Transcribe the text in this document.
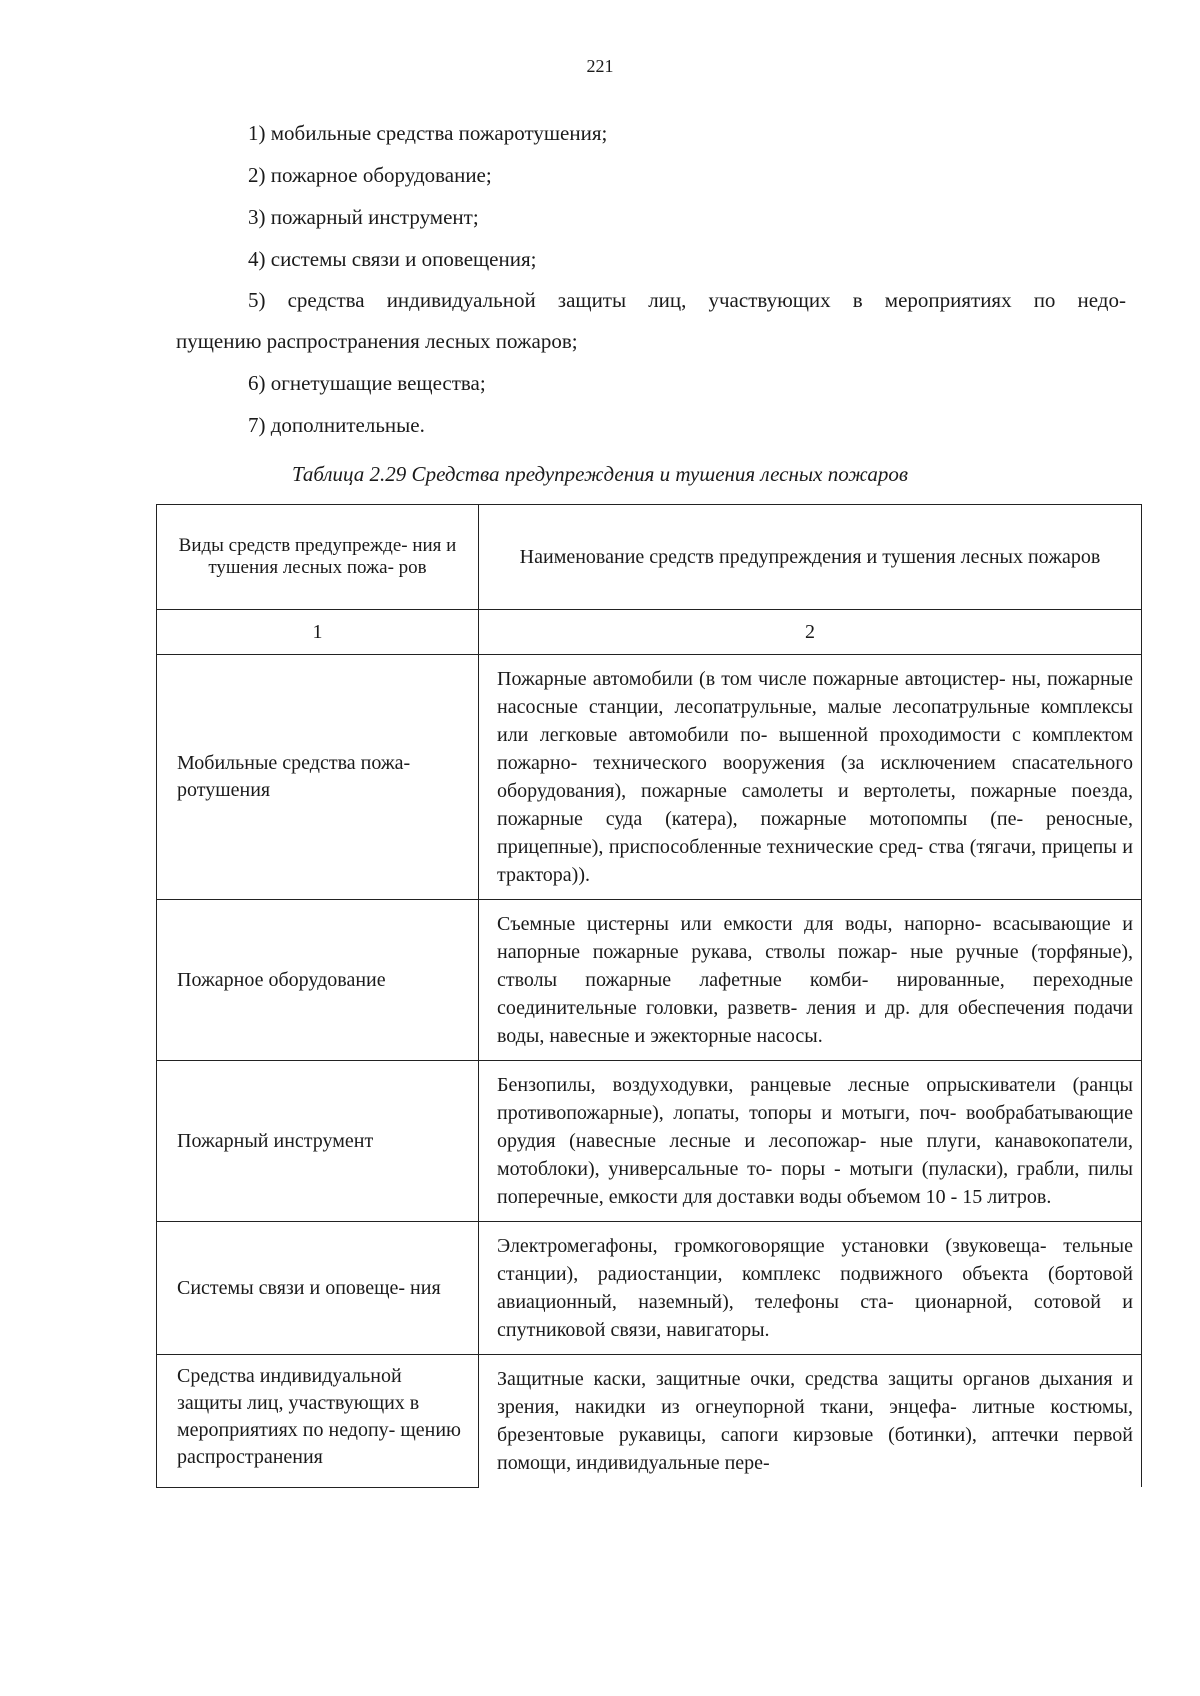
221
1) мобильные средства пожаротушения;
2) пожарное оборудование;
3) пожарный инструмент;
4) системы связи и оповещения;
5) средства индивидуальной защиты лиц, участвующих в мероприятиях по недо-
пущению распространения лесных пожаров;
6) огнетушащие вещества;
7) дополнительные.
Таблица 2.29 Средства предупреждения и тушения лесных пожаров
Виды средств предупрежде- ния и тушения лесных пожа- ров	Наименование средств предупреждения и тушения лесных пожаров
1	2
Мобильные средства пожа- ротушения	Пожарные автомобили (в том числе пожарные автоцистер- ны, пожарные насосные станции, лесопатрульные, малые лесопатрульные комплексы или легковые автомобили по- вышенной проходимости с комплектом пожарно- технического вооружения (за исключением спасательного оборудования), пожарные самолеты и вертолеты, пожарные поезда, пожарные суда (катера), пожарные мотопомпы (пе- реносные, прицепные), приспособленные технические сред- ства (тягачи, прицепы и трактора)).
Пожарное оборудование	Съемные цистерны или емкости для воды, напорно- всасывающие и напорные пожарные рукава, стволы пожар- ные ручные (торфяные), стволы пожарные лафетные комби- нированные, переходные соединительные головки, разветв- ления и др. для обеспечения подачи воды, навесные и эжекторные насосы.
Пожарный инструмент	Бензопилы, воздуходувки, ранцевые лесные опрыскиватели (ранцы противопожарные), лопаты, топоры и мотыги, поч- вообрабатывающие орудия (навесные лесные и лесопожар- ные плуги, канавокопатели, мотоблоки), универсальные то- поры - мотыги (пуласки), грабли, пилы поперечные, емкости для доставки воды объемом 10 - 15 литров.
Системы связи и оповеще- ния	Электромегафоны, громкоговорящие установки (звуковеща- тельные станции), радиостанции, комплекс подвижного объекта (бортовой авиационный, наземный), телефоны ста- ционарной, сотовой и спутниковой связи, навигаторы.
Средства индивидуальной защиты лиц, участвующих в мероприятиях по недопу- щению распространения	Защитные каски, защитные очки, средства защиты органов дыхания и зрения, накидки из огнеупорной ткани, энцефа- литные костюмы, брезентовые рукавицы, сапоги кирзовые (ботинки), аптечки первой помощи, индивидуальные пере-
